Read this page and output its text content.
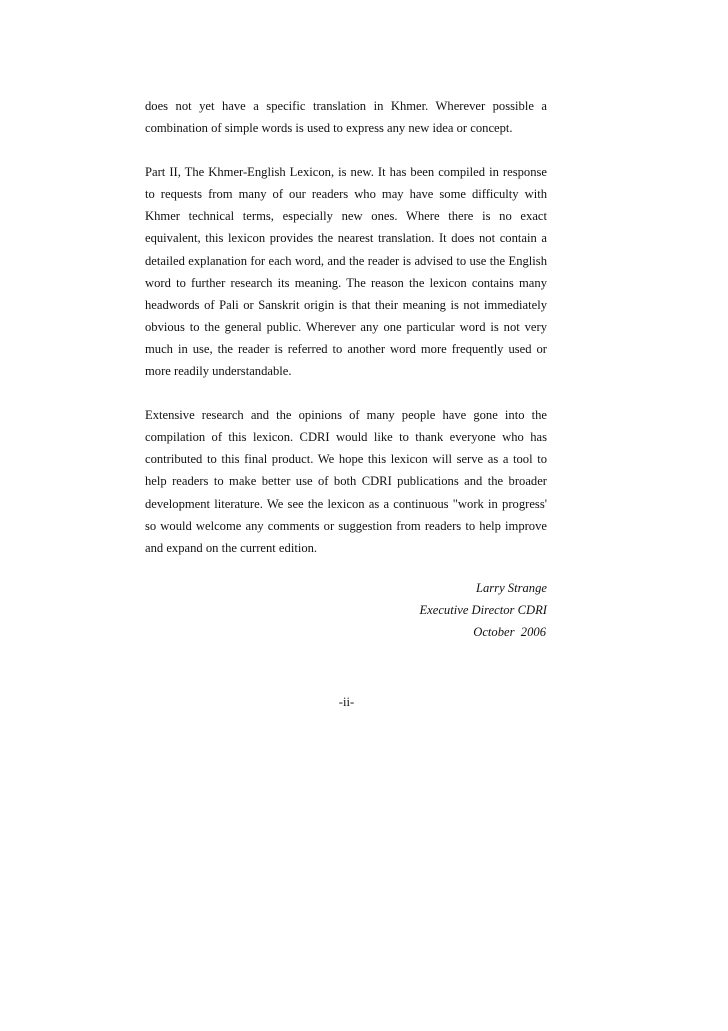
does not yet have a specific translation in Khmer. Wherever possible a combination of simple words is used to express any new idea or concept.

Part II, The Khmer-English Lexicon, is new. It has been compiled in response to requests from many of our readers who may have some difficulty with Khmer technical terms, especially new ones. Where there is no exact equivalent, this lexicon provides the nearest translation. It does not contain a detailed explanation for each word, and the reader is advised to use the English word to further research its meaning. The reason the lexicon contains many headwords of Pali or Sanskrit origin is that their meaning is not immediately obvious to the general public. Wherever any one particular word is not very much in use, the reader is referred to another word more frequently used or more readily understandable.

Extensive research and the opinions of many people have gone into the compilation of this lexicon. CDRI would like to thank everyone who has contributed to this final product. We hope this lexicon will serve as a tool to help readers to make better use of both CDRI publications and the broader development literature. We see the lexicon as a continuous "work in progress' so would welcome any comments or suggestion from readers to help improve and expand on the current edition.

Larry Strange
Executive Director CDRI
October  2006
-ii-
